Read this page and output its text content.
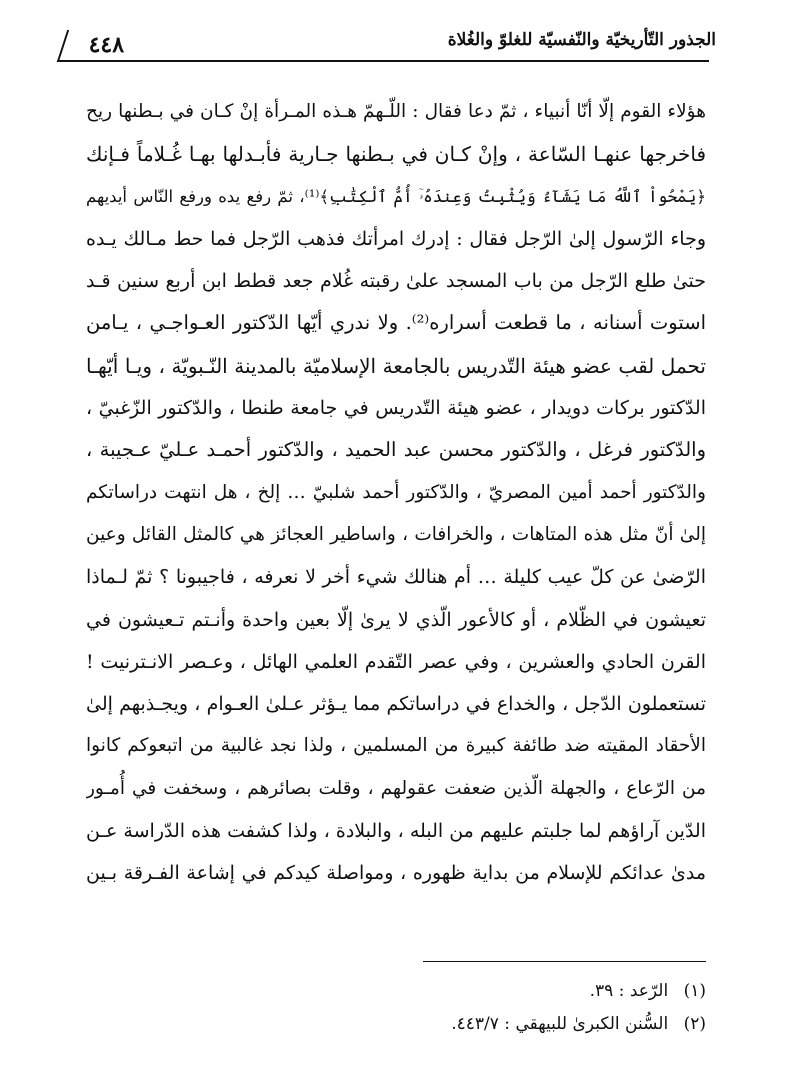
الجذور التّأريخيّة والنّفسيّة للغلوّ والغُلاة
٤٤٨
هؤلاء القوم إلّا أنّا أنبياء ، ثمّ دعا فقال : اللّـهمّ هـذه المـرأة إنْ كـان في بـطنها ريح
فاخرجها عنهـا السّاعة ، وإنْ كـان في بـطنها جـارية فأبـدلها بهـا غُـلاماً فـإنك
﴿يَمْحُواْ ٱللَّهُ مَا يَشَآءُ وَيُثْبِتُ وَعِندَهُۥٓ أُمُّ ٱلْكِتَٰبِ﴾⁽¹⁾، ثمّ رفع يده ورفع النّاس أيديهم
وجاء الرّسول إلىٰ الرّجل فقال : إدرك امرأتك فذهب الرّجل فما حط مـالك يـده
حتىٰ طلع الرّجل من باب المسجد علىٰ رقبته غُلام جعد قطط ابن أربع سنين قـد
استوت أسنانه ، ما قطعت أسراره⁽²⁾. ولا ندري أيّها الدّكتور العـواجـي ، يـامن
تحمل لقب عضو هيئة التّدريس بالجامعة الإسلاميّة بالمدينة النّـبويّة ، ويـا أيّهـا
الدّكتور بركات دويدار ، عضو هيئة التّدريس في جامعة طنطا ، والدّكتور الزّغبيّ ،
والدّكتور فرغل ، والدّكتور محسن عبد الحميد ، والدّكتور أحمـد عـليّ عـجيبة ،
والدّكتور أحمد أمين المصريّ ، والدّكتور أحمد شلبيّ … إلخ ، هل انتهت دراساتكم
إلىٰ أنّ مثل هذه المتاهات ، والخرافات ، واساطير العجائز هي كالمثل القائل وعين
الرّضىٰ عن كلّ عيب كليلة … أم هنالك شيء أخر لا نعرفه ، فاجيبونا ؟ ثمّ لـماذا
تعيشون في الظّلام ، أو كالأعور الّذي لا يرىٰ إلّا بعين واحدة وأنـتم تـعيشون في
القرن الحادي والعشرين ، وفي عصر التّقدم العلمي الهائل ، وعـصر الانـترنيت !
تستعملون الدّجل ، والخداع في دراساتكم مما يـؤثر عـلىٰ العـوام ، ويجـذبهم إلىٰ
الأحقاد المقيته ضد طائفة كبيرة من المسلمين ، ولذا نجد غالبية من اتبعوكم كانوا
من الرّعاع ، والجهلة الّذين ضعفت عقولهم ، وقلت بصائرهم ، وسخفت في أُمـور
الدّين آراؤهم لما جلبتم عليهم من البله ، والبلادة ، ولذا كشفت هذه الدّراسة عـن
مدىٰ عدائكم للإسلام من بداية ظهوره ، ومواصلة كيدكم في إشاعة الفـرقة بـين
(١) الرّعد : ٣٩.
(٢) السُّنن الكبرىٰ للبيهقي : ٤٤٣/٧.
